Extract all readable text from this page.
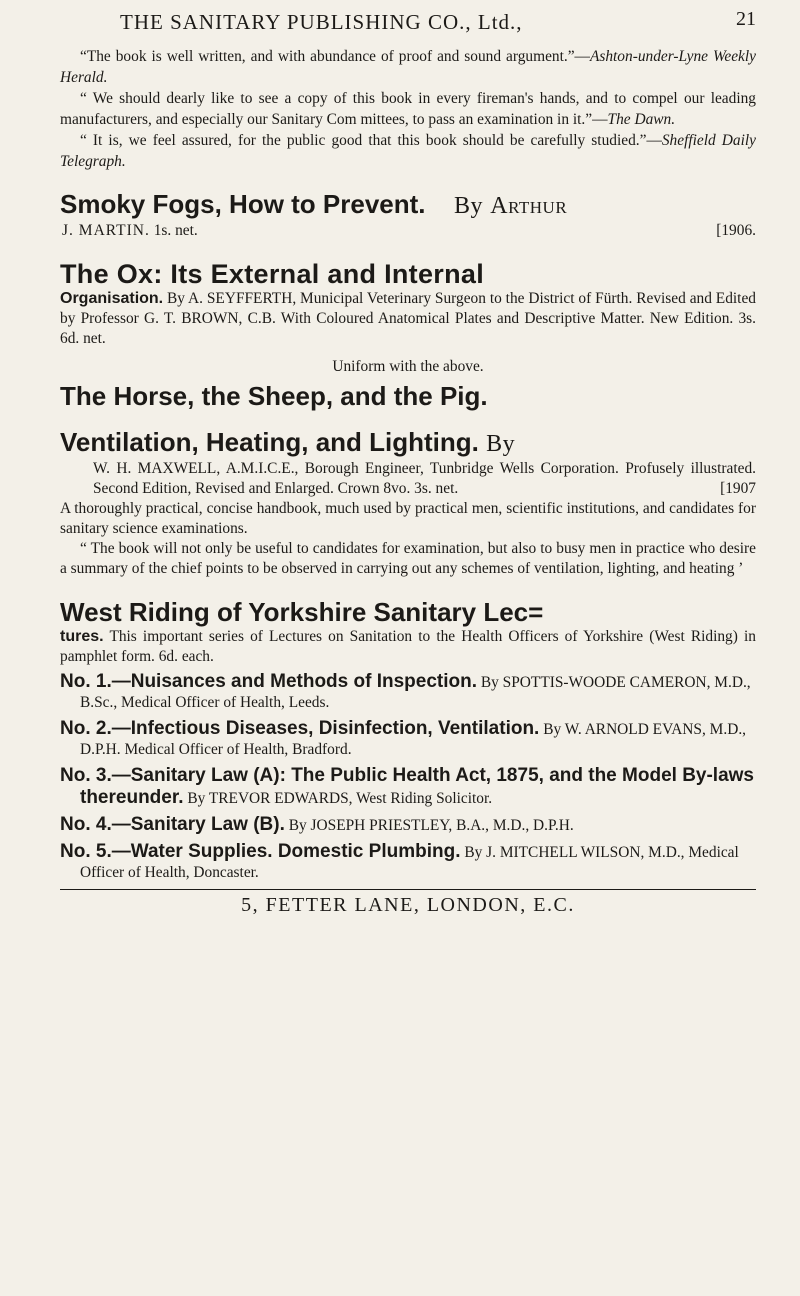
THE SANITARY PUBLISHING CO., Ltd.,	21

“The book is well written, and with abundance of proof and sound argument.”—Ashton-under-Lyne Weekly Herald.

“ We should dearly like to see a copy of this book in every fireman's hands, and to compel our leading manufacturers, and especially our Sanitary Com mittees, to pass an examination in it.”—The Dawn.

“ It is, we feel assured, for the public good that this book should be carefully studied.”—Sheffield Daily Telegraph.

Smoky Fogs, How to Prevent. By Arthur

J. MARTIN. 1s. net.	[1906.

The Ox: Its External and Internal

Organisation. By A. SEYFFERTH, Municipal Veterinary Surgeon to the District of Fürth. Revised and Edited by Professor G. T. BROWN, C.B. With Coloured Anatomical Plates and Descriptive Matter. New Edition. 3s. 6d. net.

Uniform with the above.

The Horse, the Sheep, and the Pig.

Ventilation, Heating, and Lighting. By

W. H. MAXWELL, A.M.I.C.E., Borough Engineer, Tunbridge Wells Corporation. Profusely illustrated. Second Edition, Revised and Enlarged. Crown 8vo. 3s. net.	[1907

A thoroughly practical, concise handbook, much used by practical men, scientific institutions, and candidates for sanitary science examinations.

“ The book will not only be useful to candidates for examination, but also to busy men in practice who desire a summary of the chief points to be observed in carrying out any schemes of ventilation, lighting, and heating ’

West Riding of Yorkshire Sanitary Lec=

tures. This important series of Lectures on Sanitation to the Health Officers of Yorkshire (West Riding) in pamphlet form. 6d. each.

No. 1.—Nuisances and Methods of Inspection. By SPOTTIS-WOODE CAMERON, M.D., B.Sc., Medical Officer of Health, Leeds.

No. 2.—Infectious Diseases, Disinfection, Ventilation. By W. ARNOLD EVANS, M.D., D.P.H. Medical Officer of Health, Bradford.

No. 3.—Sanitary Law (A): The Public Health Act, 1875, and the Model By-laws thereunder. By TREVOR EDWARDS, West Riding Solicitor.

No. 4.—Sanitary Law (B). By JOSEPH PRIESTLEY, B.A., M.D., D.P.H.

No. 5.—Water Supplies. Domestic Plumbing. By J. MITCHELL WILSON, M.D., Medical Officer of Health, Doncaster.

5, FETTER LANE, LONDON, E.C.
